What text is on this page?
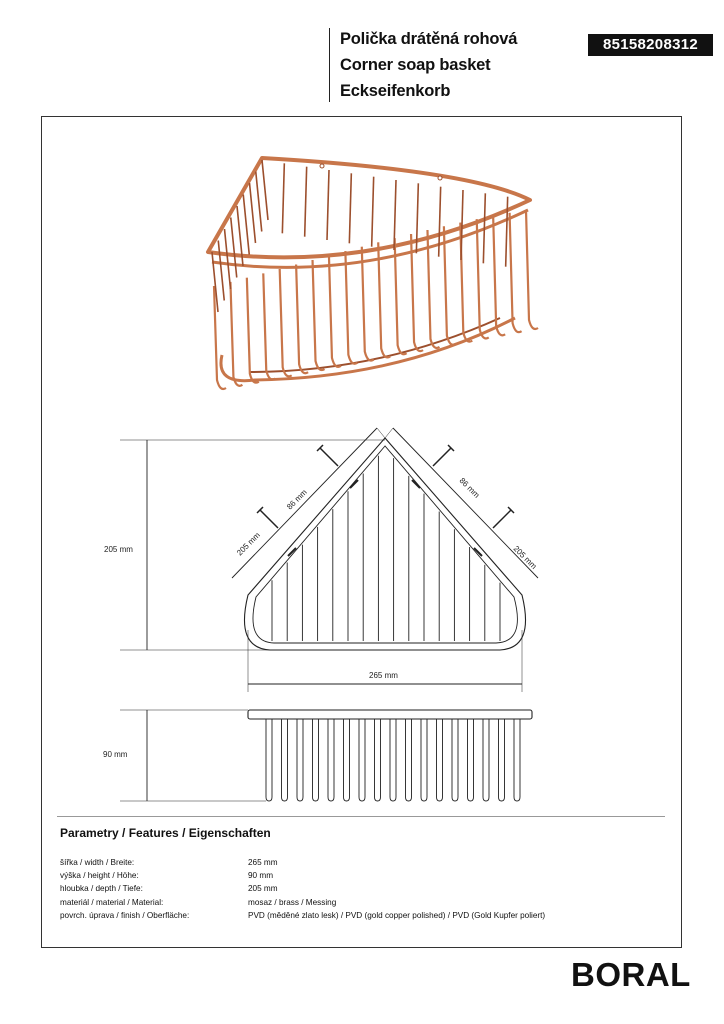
Polička drátěná rohová
Corner soap basket
Eckseifenkorb
85158208312
205 mm	205 mm
86 mm	86 mm
205 mm
265 mm
90 mm
Parametry / Features / Eigenschaften
šířka / width / Breite:	265 mm
výška / height / Höhe:	90 mm
hloubka / depth / Tiefe:	205 mm
materiál / material / Material:	mosaz / brass / Messing
povrch. úprava / finish / Oberfläche:	PVD (měděné zlato lesk) / PVD (gold copper polished) / PVD (Gold Kupfer poliert)
BORAL
